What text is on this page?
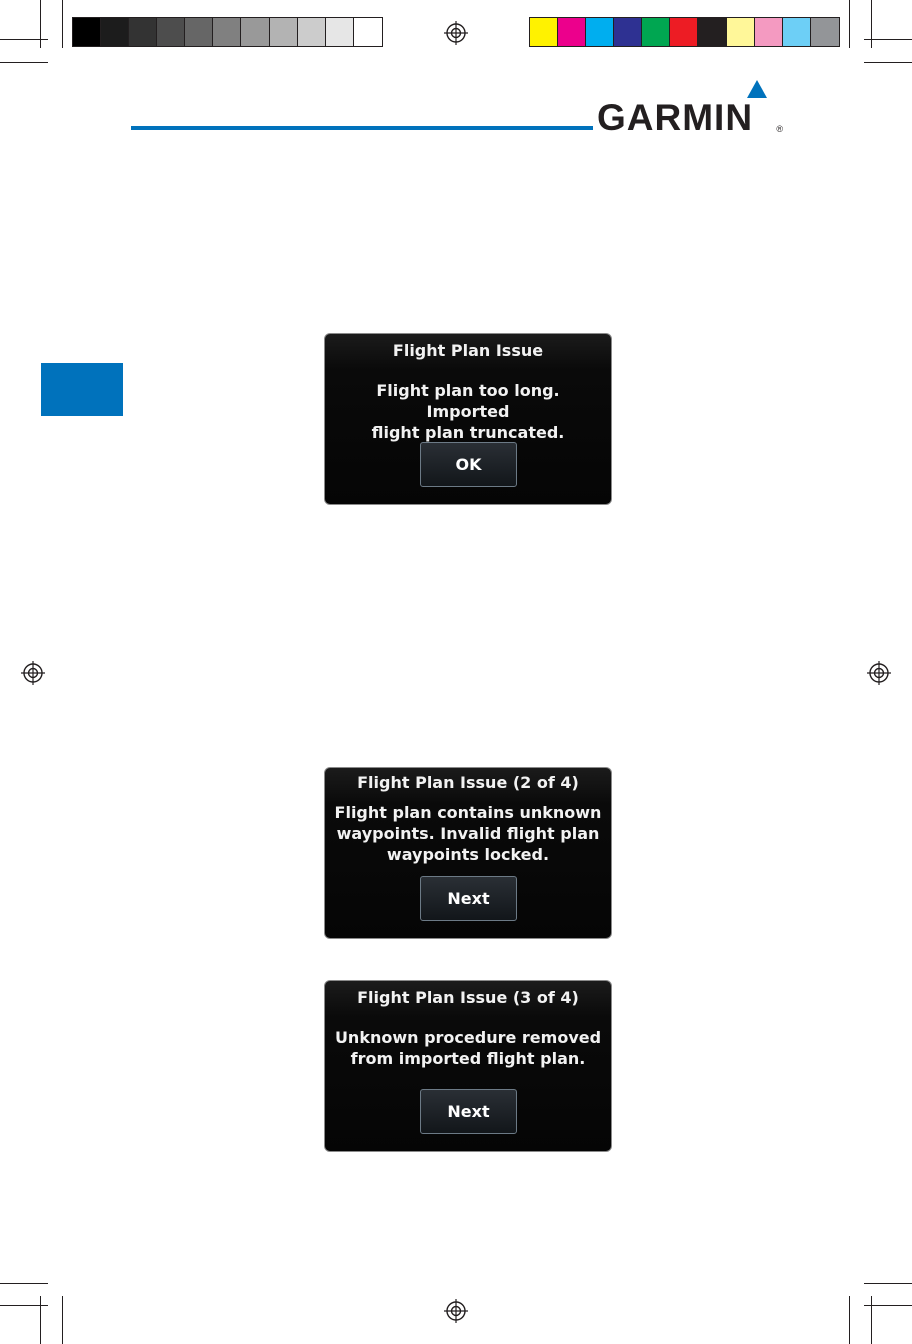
GARMIN	®
Flight Plan Issue
Flight plan too long. Imported
flight plan truncated.
OK
Flight Plan Issue (2 of 4)
Flight plan contains unknown
waypoints. Invalid flight plan
waypoints locked.
Next
Flight Plan Issue (3 of 4)
Unknown procedure removed
from imported flight plan.
Next
